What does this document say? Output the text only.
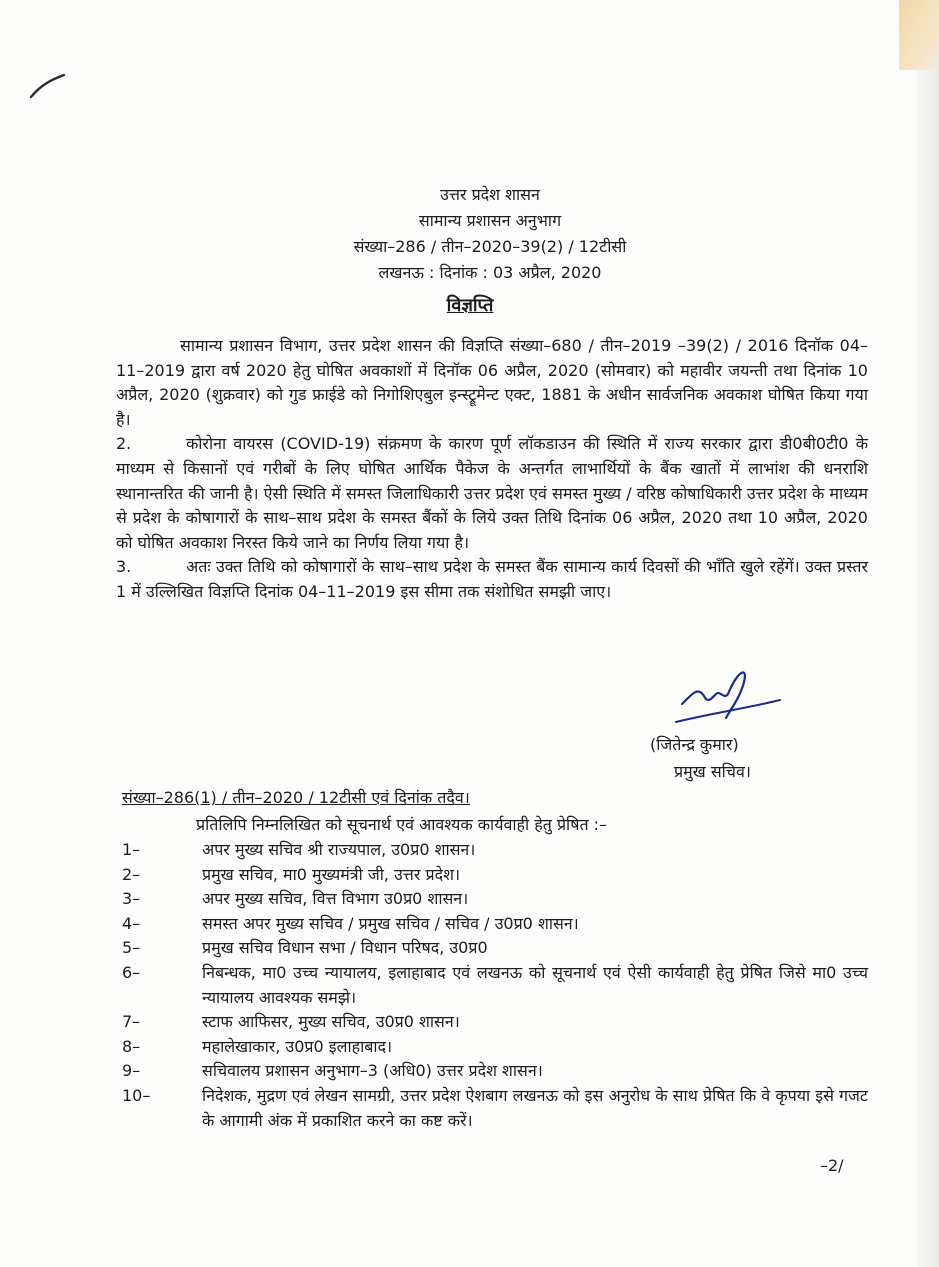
उत्तर प्रदेश शासन
सामान्य प्रशासन अनुभाग
संख्या–286 / तीन–2020–39(2) / 12टीसी
लखनऊ : दिनांक : 03 अप्रैल, 2020
विज्ञप्ति

सामान्य प्रशासन विभाग, उत्तर प्रदेश शासन की विज्ञप्ति संख्या–680 / तीन–2019 –39(2) / 2016 दिनॉक 04–11–2019 द्वारा वर्ष 2020 हेतु घोषित अवकाशों में दिनॉक 06 अप्रैल, 2020 (सोमवार) को महावीर जयन्ती तथा दिनांक 10 अप्रैल, 2020 (शुक्रवार) को गुड फ्राईडे को निगोशिएबुल इन्स्ट्रूमेन्ट एक्ट, 1881 के अधीन सार्वजनिक अवकाश घोषित किया गया है।

2.	कोरोना वायरस (COVID-19) संक्रमण के कारण पूर्ण लॉकडाउन की स्थिति में राज्य सरकार द्वारा डी0बी0टी0 के माध्यम से किसानों एवं गरीबों के लिए घोषित आर्थिक पैकेज के अन्तर्गत लाभार्थियों के बैंक खातों में लाभांश की धनराशि स्थानान्तरित की जानी है। ऐसी स्थिति में समस्त जिलाधिकारी उत्तर प्रदेश एवं समस्त मुख्य / वरिष्ठ कोषाधिकारी उत्तर प्रदेश के माध्यम से प्रदेश के कोषागारों के साथ–साथ प्रदेश के समस्त बैंकों के लिये उक्त तिथि दिनांक 06 अप्रैल, 2020 तथा 10 अप्रैल, 2020 को घोषित अवकाश निरस्त किये जाने का निर्णय लिया गया है।

3.	अतः उक्त तिथि को कोषागारों के साथ–साथ प्रदेश के समस्त बैंक सामान्य कार्य दिवसों की भाँति खुले रहेंगें। उक्त प्रस्तर 1 में उल्लिखित विज्ञप्ति दिनांक 04–11–2019 इस सीमा तक संशोधित समझी जाए।

(जितेन्द्र कुमार)
प्रमुख सचिव।
संख्या–286(1) / तीन–2020 / 12टीसी एवं दिनांक तदैव।
प्रतिलिपि निम्नलिखित को सूचनार्थ एवं आवश्यक कार्यवाही हेतु प्रेषित :–
1–	अपर मुख्य सचिव श्री राज्यपाल, उ0प्र0 शासन।
2–	प्रमुख सचिव, मा0 मुख्यमंत्री जी, उत्तर प्रदेश।
3–	अपर मुख्य सचिव, वित्त विभाग उ0प्र0 शासन।
4–	समस्त अपर मुख्य सचिव / प्रमुख सचिव / सचिव / उ0प्र0 शासन।
5–	प्रमुख सचिव विधान सभा / विधान परिषद, उ0प्र0
6–	निबन्धक, मा0 उच्च न्यायालय, इलाहाबाद एवं लखनऊ को सूचनार्थ एवं ऐसी कार्यवाही हेतु प्रेषित जिसे मा0 उच्च न्यायालय आवश्यक समझे।
7–	स्टाफ आफिसर, मुख्य सचिव, उ0प्र0 शासन।
8–	महालेखाकार, उ0प्र0 इलाहाबाद।
9–	सचिवालय प्रशासन अनुभाग–3 (अधि0) उत्तर प्रदेश शासन।
10–	निदेशक, मुद्रण एवं लेखन सामग्री, उत्तर प्रदेश ऐशबाग लखनऊ को इस अनुरोध के साथ प्रेषित कि वे कृपया इसे गजट के आगामी अंक में प्रकाशित करने का कष्ट करें।
–2/
